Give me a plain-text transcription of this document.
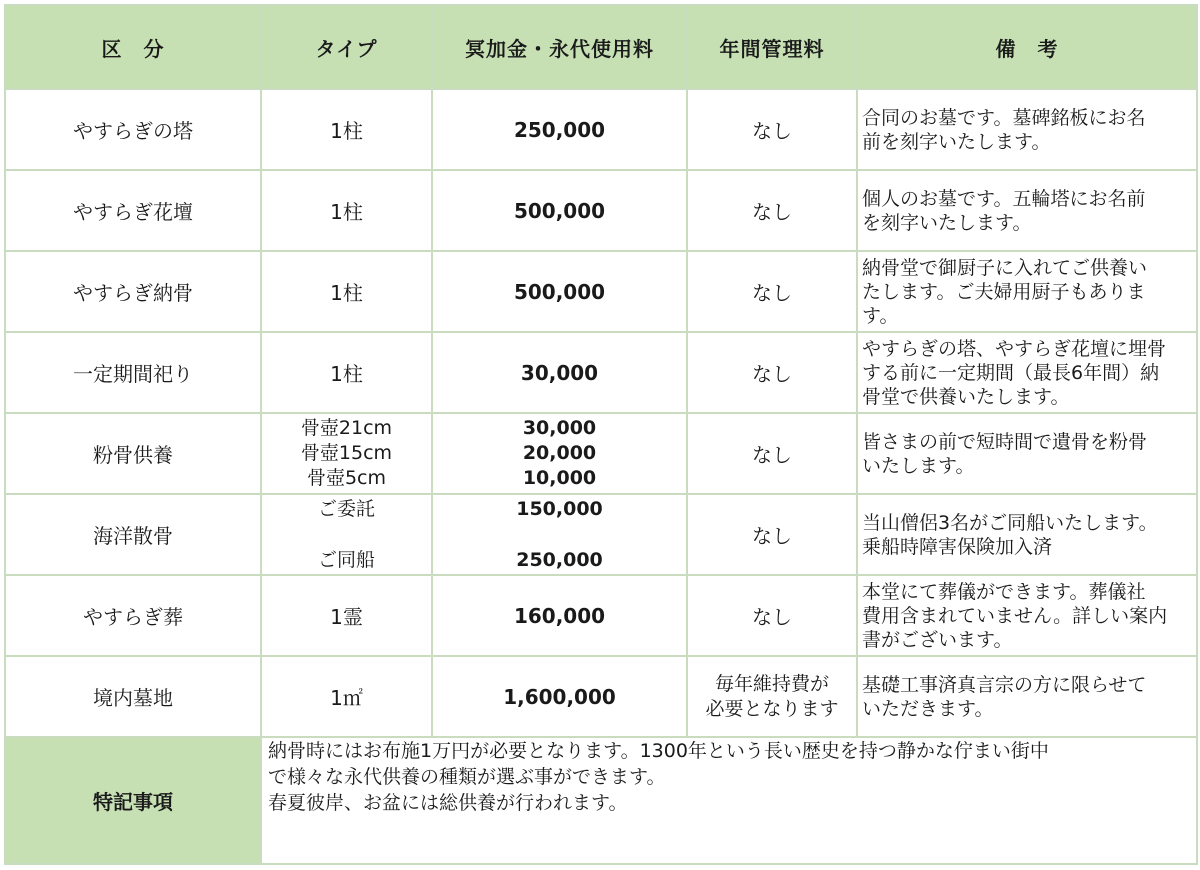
区　分	タイプ	冥加金・永代使用料	年間管理料	備　考
やすらぎの塔	1柱	250,000	なし	合同のお墓です。墓碑銘板にお名
前を刻字いたします。

やすらぎ花壇	1柱	500,000	なし	個人のお墓です。五輪塔にお名前
を刻字いたします。

やすらぎ納骨	1柱	500,000	なし	納骨堂で御厨子に入れてご供養い
たします。ご夫婦用厨子もありま
す。

一定期間祀り	1柱	30,000	なし	やすらぎの塔、やすらぎ花壇に埋骨
する前に一定期間（最長6年間）納
骨堂で供養いたします。

粉骨供養	骨壺21cm
骨壺15cm
骨壺5cm	30,000
20,000
10,000	なし	皆さまの前で短時間で遺骨を粉骨
いたします。

海洋散骨	ご委託
ご同船	150,000
250,000	なし	当山僧侶3名がご同船いたします。
乗船時障害保険加入済

やすらぎ葬	1霊	160,000	なし	本堂にて葬儀ができます。葬儀社
費用含まれていません。詳しい案内
書がございます。

境内墓地	1㎡	1,600,000	毎年維持費が
必要となります	基礎工事済真言宗の方に限らせて
いただきます。

特記事項	納骨時にはお布施1万円が必要となります。1300年という長い歴史を持つ静かな佇まい街中
で様々な永代供養の種類が選ぶ事ができます。
春夏彼岸、お盆には総供養が行われます。			
